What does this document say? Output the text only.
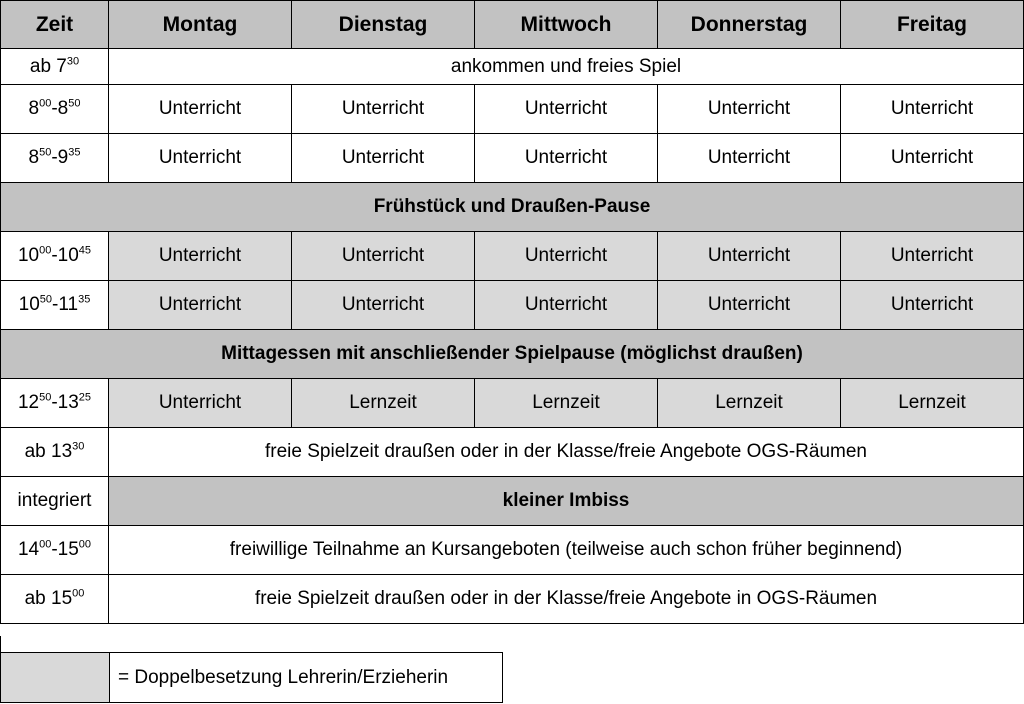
Zeit	Montag	Dienstag	Mittwoch	Donnerstag	Freitag
ab $7^{30}$	ankommen und freies Spiel				
$8^{00}-8^{50}$	Unterricht	Unterricht	Unterricht	Unterricht	Unterricht
$8^{50}-9^{35}$	Unterricht	Unterricht	Unterricht	Unterricht	Unterricht
Frühstück und Draußen-Pause					
$10^{00}-10^{45}$	Unterricht	Unterricht	Unterricht	Unterricht	Unterricht
$10^{50}-11^{35}$	Unterricht	Unterricht	Unterricht	Unterricht	Unterricht
Mittagessen mit anschließender Spielpause (möglichst draußen)					
$12^{50}-13^{25}$	Unterricht	Lernzeit	Lernzeit	Lernzeit	Lernzeit
ab $13^{30}$	freie Spielzeit draußen oder in der Klasse/freie Angebote OGS-Räumen				
integriert	kleiner Imbiss				
$14^{00}-15^{00}$	freiwillige Teilnahme an Kursangeboten (teilweise auch schon früher beginnend)				
ab $15^{00}$	freie Spielzeit draußen oder in der Klasse/freie Angebote in OGS-Räumen				
	= Doppelbesetzung Lehrerin/Erzieherin
